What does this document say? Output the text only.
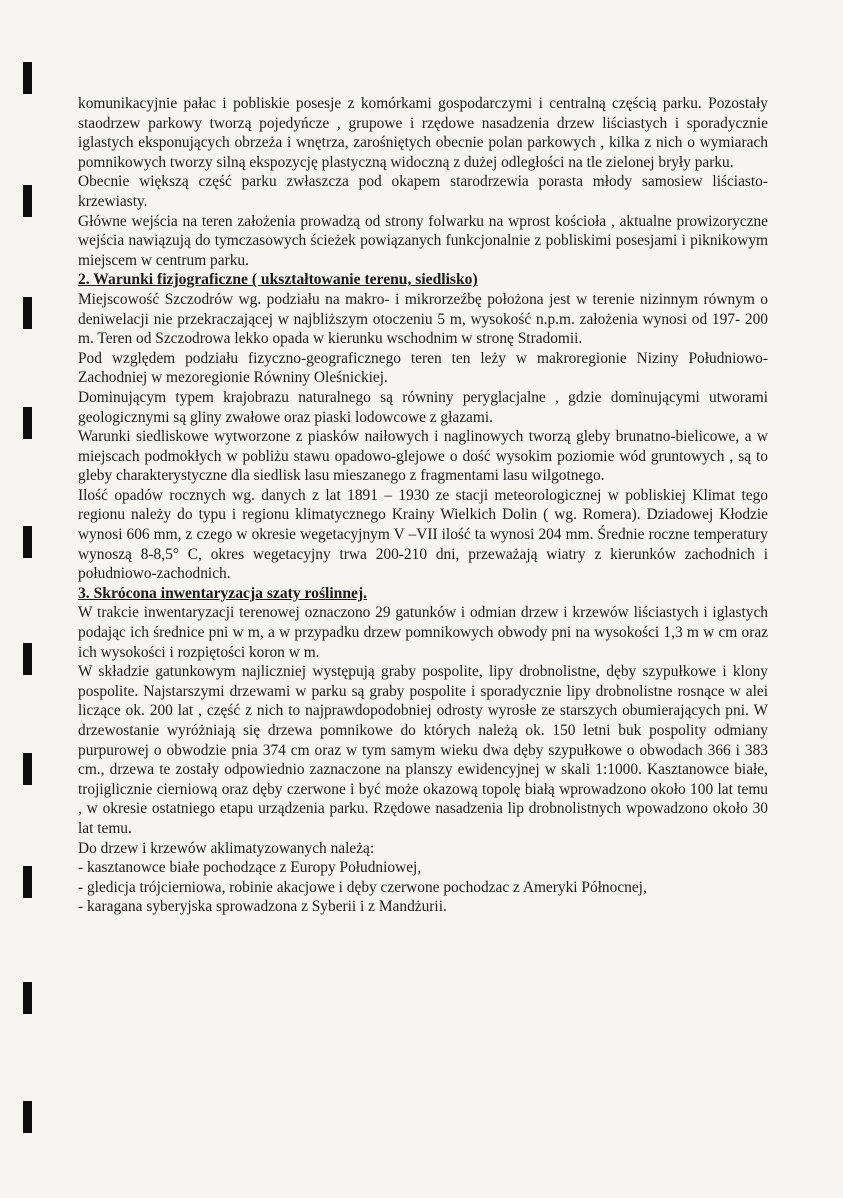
komunikacyjnie pałac i pobliskie posesje z komórkami gospodarczymi i centralną częścią parku. Pozostały staodrzew parkowy tworzą pojedyńcze , grupowe i rzędowe nasadzenia drzew liściastych i sporadycznie iglastych eksponujących obrzeża i wnętrza, zarośniętych obecnie polan parkowych , kilka z nich o wymiarach pomnikowych tworzy silną ekspozycję plastyczną widoczną z dużej odległości na tle zielonej bryły parku.

Obecnie większą część parku zwłaszcza pod okapem starodrzewia porasta młody samosiew liściasto-krzewiasty.

Główne wejścia na teren założenia prowadzą od strony folwarku na wprost kościoła , aktualne prowizoryczne wejścia nawiązują do tymczasowych ścieżek powiązanych funkcjonalnie z pobliskimi posesjami i piknikowym miejscem w centrum parku.

2. Warunki fizjograficzne ( ukształtowanie terenu, siedlisko)

Miejscowość Szczodrów wg. podziału na makro- i mikrorzeźbę położona jest w terenie nizinnym równym o deniwelacji nie przekraczającej w najbliższym otoczeniu 5 m, wysokość n.p.m. założenia wynosi od 197- 200 m. Teren od Szczodrowa lekko opada w kierunku wschodnim w stronę Stradomii.

Pod względem podziału fizyczno-geograficznego teren ten leży w makroregionie Niziny Południowo-Zachodniej w mezoregionie Równiny Oleśnickiej.

Dominującym typem krajobrazu naturalnego są równiny peryglacjalne , gdzie dominującymi utworami geologicznymi są gliny zwałowe oraz piaski lodowcowe z głazami.

Warunki siedliskowe wytworzone z piasków naiłowych i naglinowych tworzą gleby brunatno-bielicowe, a w miejscach podmokłych w pobliżu stawu opadowo-glejowe o dość wysokim poziomie wód gruntowych , są to gleby charakterystyczne dla siedlisk lasu mieszanego z fragmentami lasu wilgotnego.

Ilość opadów rocznych wg. danych z lat 1891 – 1930 ze stacji meteorologicznej w pobliskiej Klimat tego regionu należy do typu i regionu klimatycznego Krainy Wielkich Dolin ( wg. Romera). Dziadowej Kłodzie wynosi 606 mm, z czego w okresie wegetacyjnym V –VII ilość ta wynosi 204 mm. Średnie roczne temperatury wynoszą 8-8,5° C, okres wegetacyjny trwa 200-210 dni, przeważają wiatry z kierunków zachodnich i południowo-zachodnich.

3. Skrócona inwentaryzacja szaty roślinnej.

W trakcie inwentaryzacji terenowej oznaczono 29 gatunków i odmian drzew i krzewów liściastych i iglastych podając ich średnice pni w m, a w przypadku drzew pomnikowych obwody pni na wysokości 1,3 m w cm oraz ich wysokości i rozpiętości koron w m.

W składzie gatunkowym najliczniej występują graby pospolite, lipy drobnolistne, dęby szypułkowe i klony pospolite. Najstarszymi drzewami w parku są graby pospolite i sporadycznie lipy drobnolistne rosnące w alei liczące ok. 200 lat , część z nich to najprawdopodobniej odrosty wyrosłe ze starszych obumierających pni. W drzewostanie wyróżniają się drzewa pomnikowe do których należą ok. 150 letni buk pospolity odmiany purpurowej o obwodzie pnia 374 cm oraz w tym samym wieku dwa dęby szypułkowe o obwodach 366 i 383 cm., drzewa te zostały odpowiednio zaznaczone na planszy ewidencyjnej w skali 1:1000. Kasztanowce białe, trojiglicznie cierniową oraz dęby czerwone i być może okazową topolę białą wprowadzono około 100 lat temu , w okresie ostatniego etapu urządzenia parku. Rzędowe nasadzenia lip drobnolistnych wpowadzono około 30 lat temu.

Do drzew i krzewów aklimatyzowanych należą:

- kasztanowce białe pochodzące z Europy Południowej,
- gledicja trójcierniowa, robinie akacjowe i dęby czerwone pochodzac z Ameryki Północnej,
- karagana syberyjska sprowadzona z Syberii i z Mandżurii.
